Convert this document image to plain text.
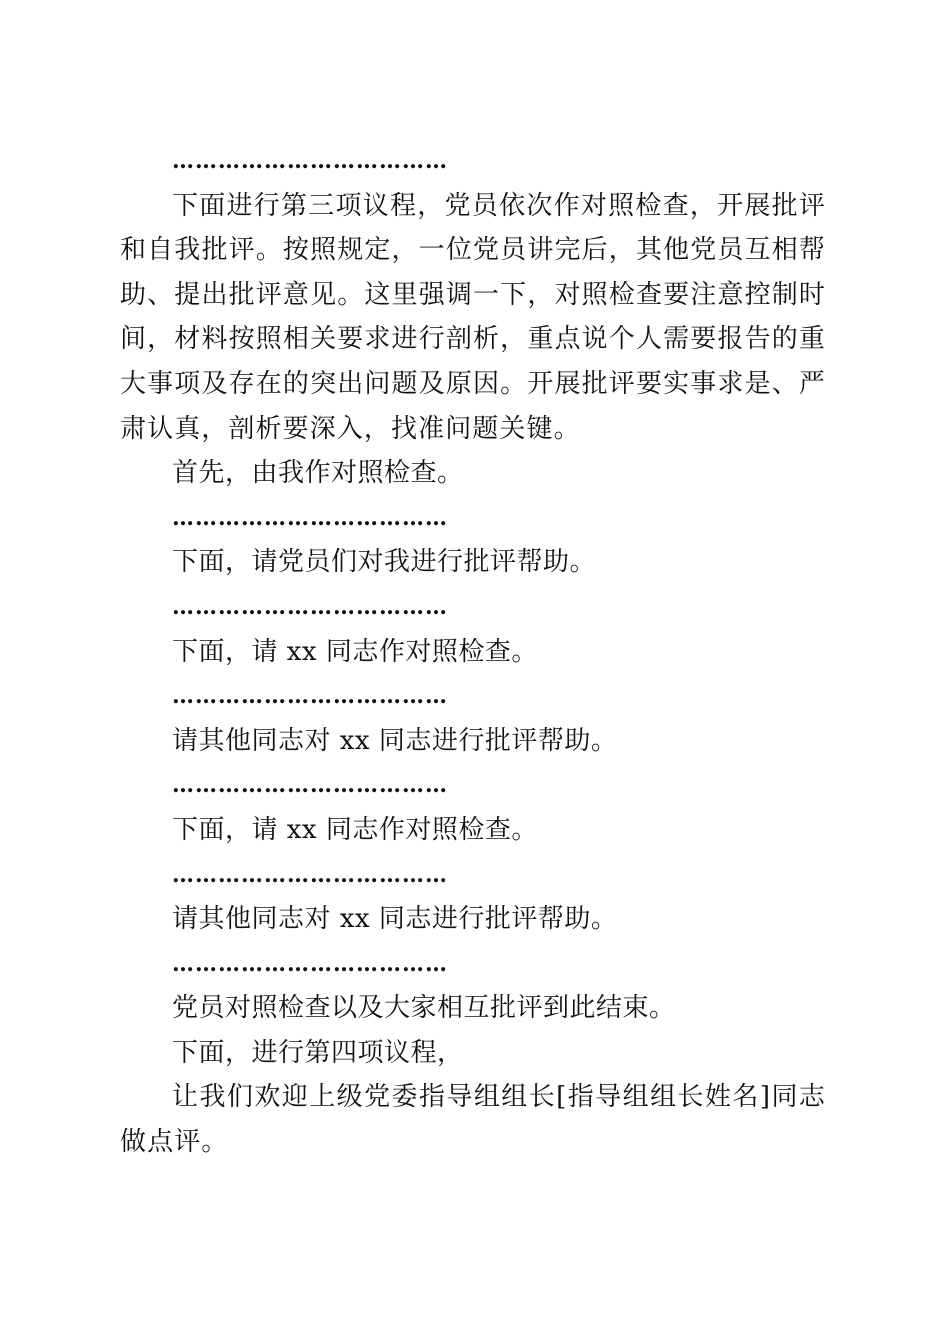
………………………………

下面进行第三项议程，党员依次作对照检查，开展批评和自我批评。按照规定，一位党员讲完后，其他党员互相帮助、提出批评意见。这里强调一下，对照检查要注意控制时间，材料按照相关要求进行剖析，重点说个人需要报告的重大事项及存在的突出问题及原因。开展批评要实事求是、严肃认真，剖析要深入，找准问题关键。

首先，由我作对照检查。

………………………………

下面，请党员们对我进行批评帮助。

………………………………

下面，请 xx 同志作对照检查。

………………………………

请其他同志对 xx 同志进行批评帮助。

………………………………

下面，请 xx 同志作对照检查。

………………………………

请其他同志对 xx 同志进行批评帮助。

………………………………

党员对照检查以及大家相互批评到此结束。

下面，进行第四项议程，

让我们欢迎上级党委指导组组长[指导组组长姓名]同志做点评。
